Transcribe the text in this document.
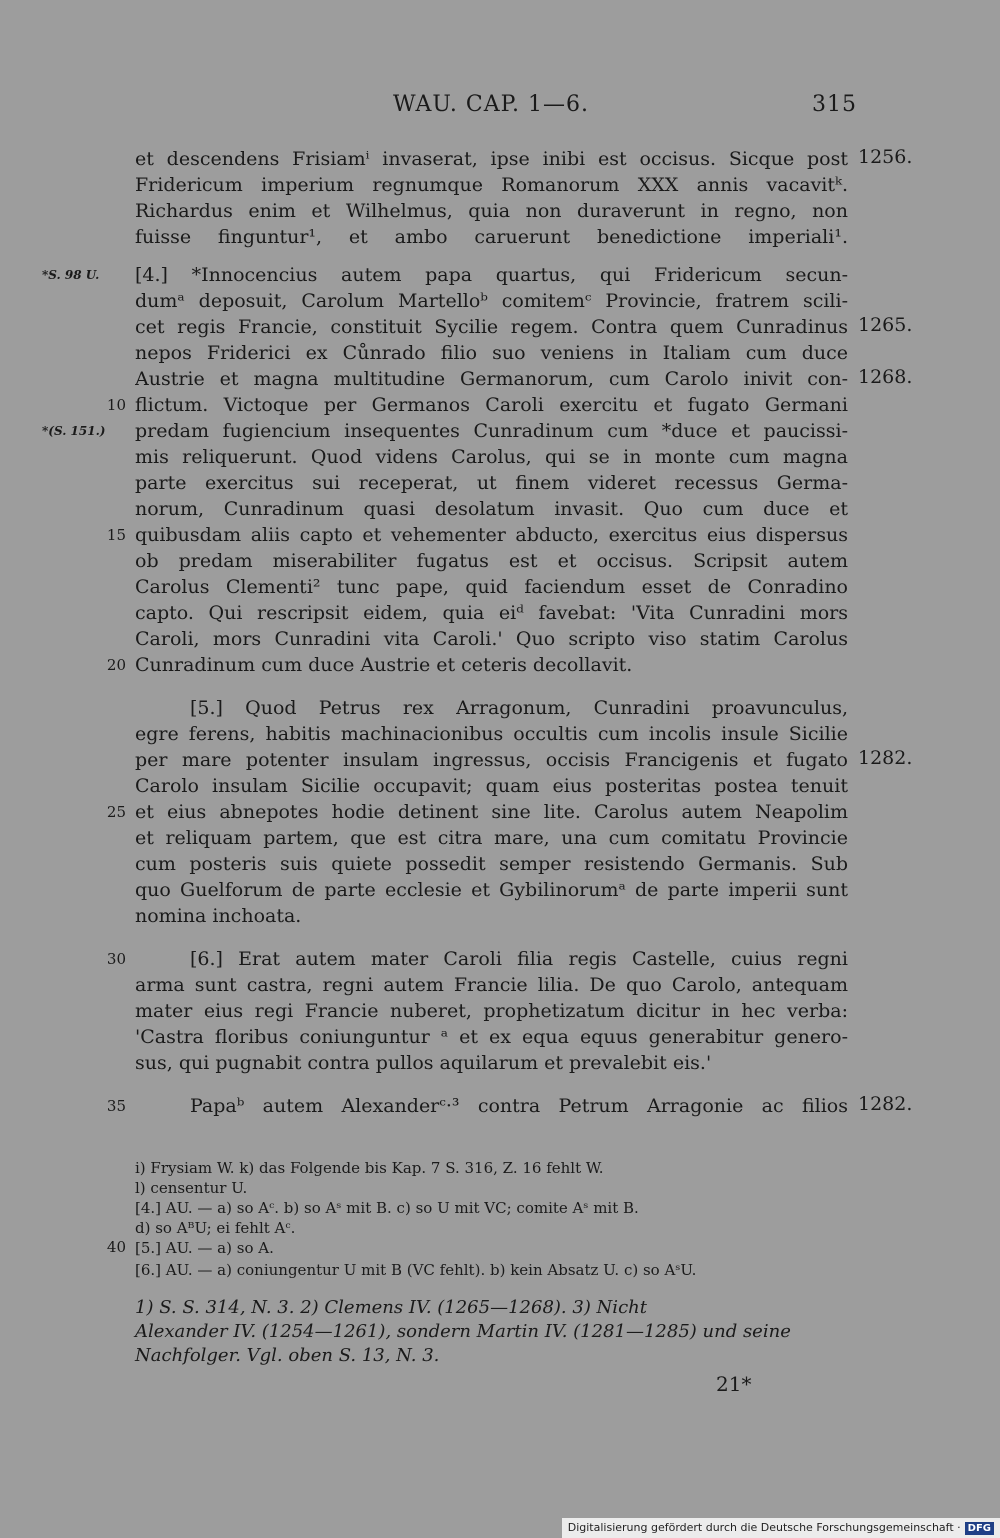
WAU. CAP. 1—6.	315
et descendens Frisiamⁱ invaserat, ipse inibi est occisus. Sicque post 1256.
Fridericum imperium regnumque Romanorum XXX annis vacavitᵏ.
Richardus enim et Wilhelmus, quia non duraverunt in regno, non
fuisse finguntur¹, et ambo caruerunt benedictione imperiali¹.
[4.] *Innocencius autem papa quartus, qui Fridericum secun-
*S. 98 U.
dumᵃ deposuit, Carolum Martelloᵇ comitemᶜ Provincie, fratrem scili-
cet regis Francie, constituit Sycilie regem. Contra quem Cunradinus 1265.
nepos Friderici ex Cůnrado filio suo veniens in Italiam cum duce
Austrie et magna multitudine Germanorum, cum Carolo inivit con- 1268.
flictum. Victoque per Germanos Caroli exercitu et fugato Germani
10
predam fugiencium insequentes Cunradinum cum *duce et paucissi-
*(S. 151.)
mis reliquerunt. Quod videns Carolus, qui se in monte cum magna
parte exercitus sui receperat, ut finem videret recessus Germa-
norum, Cunradinum quasi desolatum invasit. Quo cum duce et
quibusdam aliis capto et vehementer abducto, exercitus eius dispersus
15
ob predam miserabiliter fugatus est et occisus. Scripsit autem
Carolus Clementi² tunc pape, quid faciendum esset de Conradino
capto. Qui rescripsit eidem, quia eiᵈ favebat: 'Vita Cunradini mors
Caroli, mors Cunradini vita Caroli.' Quo scripto viso statim Carolus
Cunradinum cum duce Austrie et ceteris decollavit.
20
[5.] Quod Petrus rex Arragonum, Cunradini proavunculus,
egre ferens, habitis machinacionibus occultis cum incolis insule Sicilie
per mare potenter insulam ingressus, occisis Francigenis et fugato 1282.
Carolo insulam Sicilie occupavit; quam eius posteritas postea tenuit
et eius abnepotes hodie detinent sine lite. Carolus autem Neapolim
25
et reliquam partem, que est citra mare, una cum comitatu Provincie
cum posteris suis quiete possedit semper resistendo Germanis. Sub
quo Guelforum de parte ecclesie et Gybilinorumᵃ de parte imperii sunt
nomina inchoata.
[6.] Erat autem mater Caroli filia regis Castelle, cuius regni
30
arma sunt castra, regni autem Francie lilia. De quo Carolo, antequam
mater eius regi Francie nuberet, prophetizatum dicitur in hec verba:
'Castra floribus coniunguntur ᵃ et ex equa equus generabitur genero-
sus, qui pugnabit contra pullos aquilarum et prevalebit eis.'
Papaᵇ autem Alexanderᶜ·³ contra Petrum Arragonie ac filios 1282.
35
i) Frysiam W. k) das Folgende bis Kap. 7 S. 316, Z. 16 fehlt W.
l) censentur U.
[4.] AU. — a) so Aᶜ. b) so Aˢ mit B. c) so U mit VC; comite Aˢ mit B.
d) so AᴮU; ei fehlt Aᶜ.
[5.] AU. — a) so A.
40
[6.] AU. — a) coniungentur U mit B (VC fehlt). b) kein Absatz U. c) so AˢU.
1) S. S. 314, N. 3. 2) Clemens IV. (1265—1268). 3) Nicht
Alexander IV. (1254—1261), sondern Martin IV. (1281—1285) und seine
Nachfolger. Vgl. oben S. 13, N. 3.
21*
Digitalisierung gefördert durch die Deutsche Forschungsgemeinschaft · DFG
